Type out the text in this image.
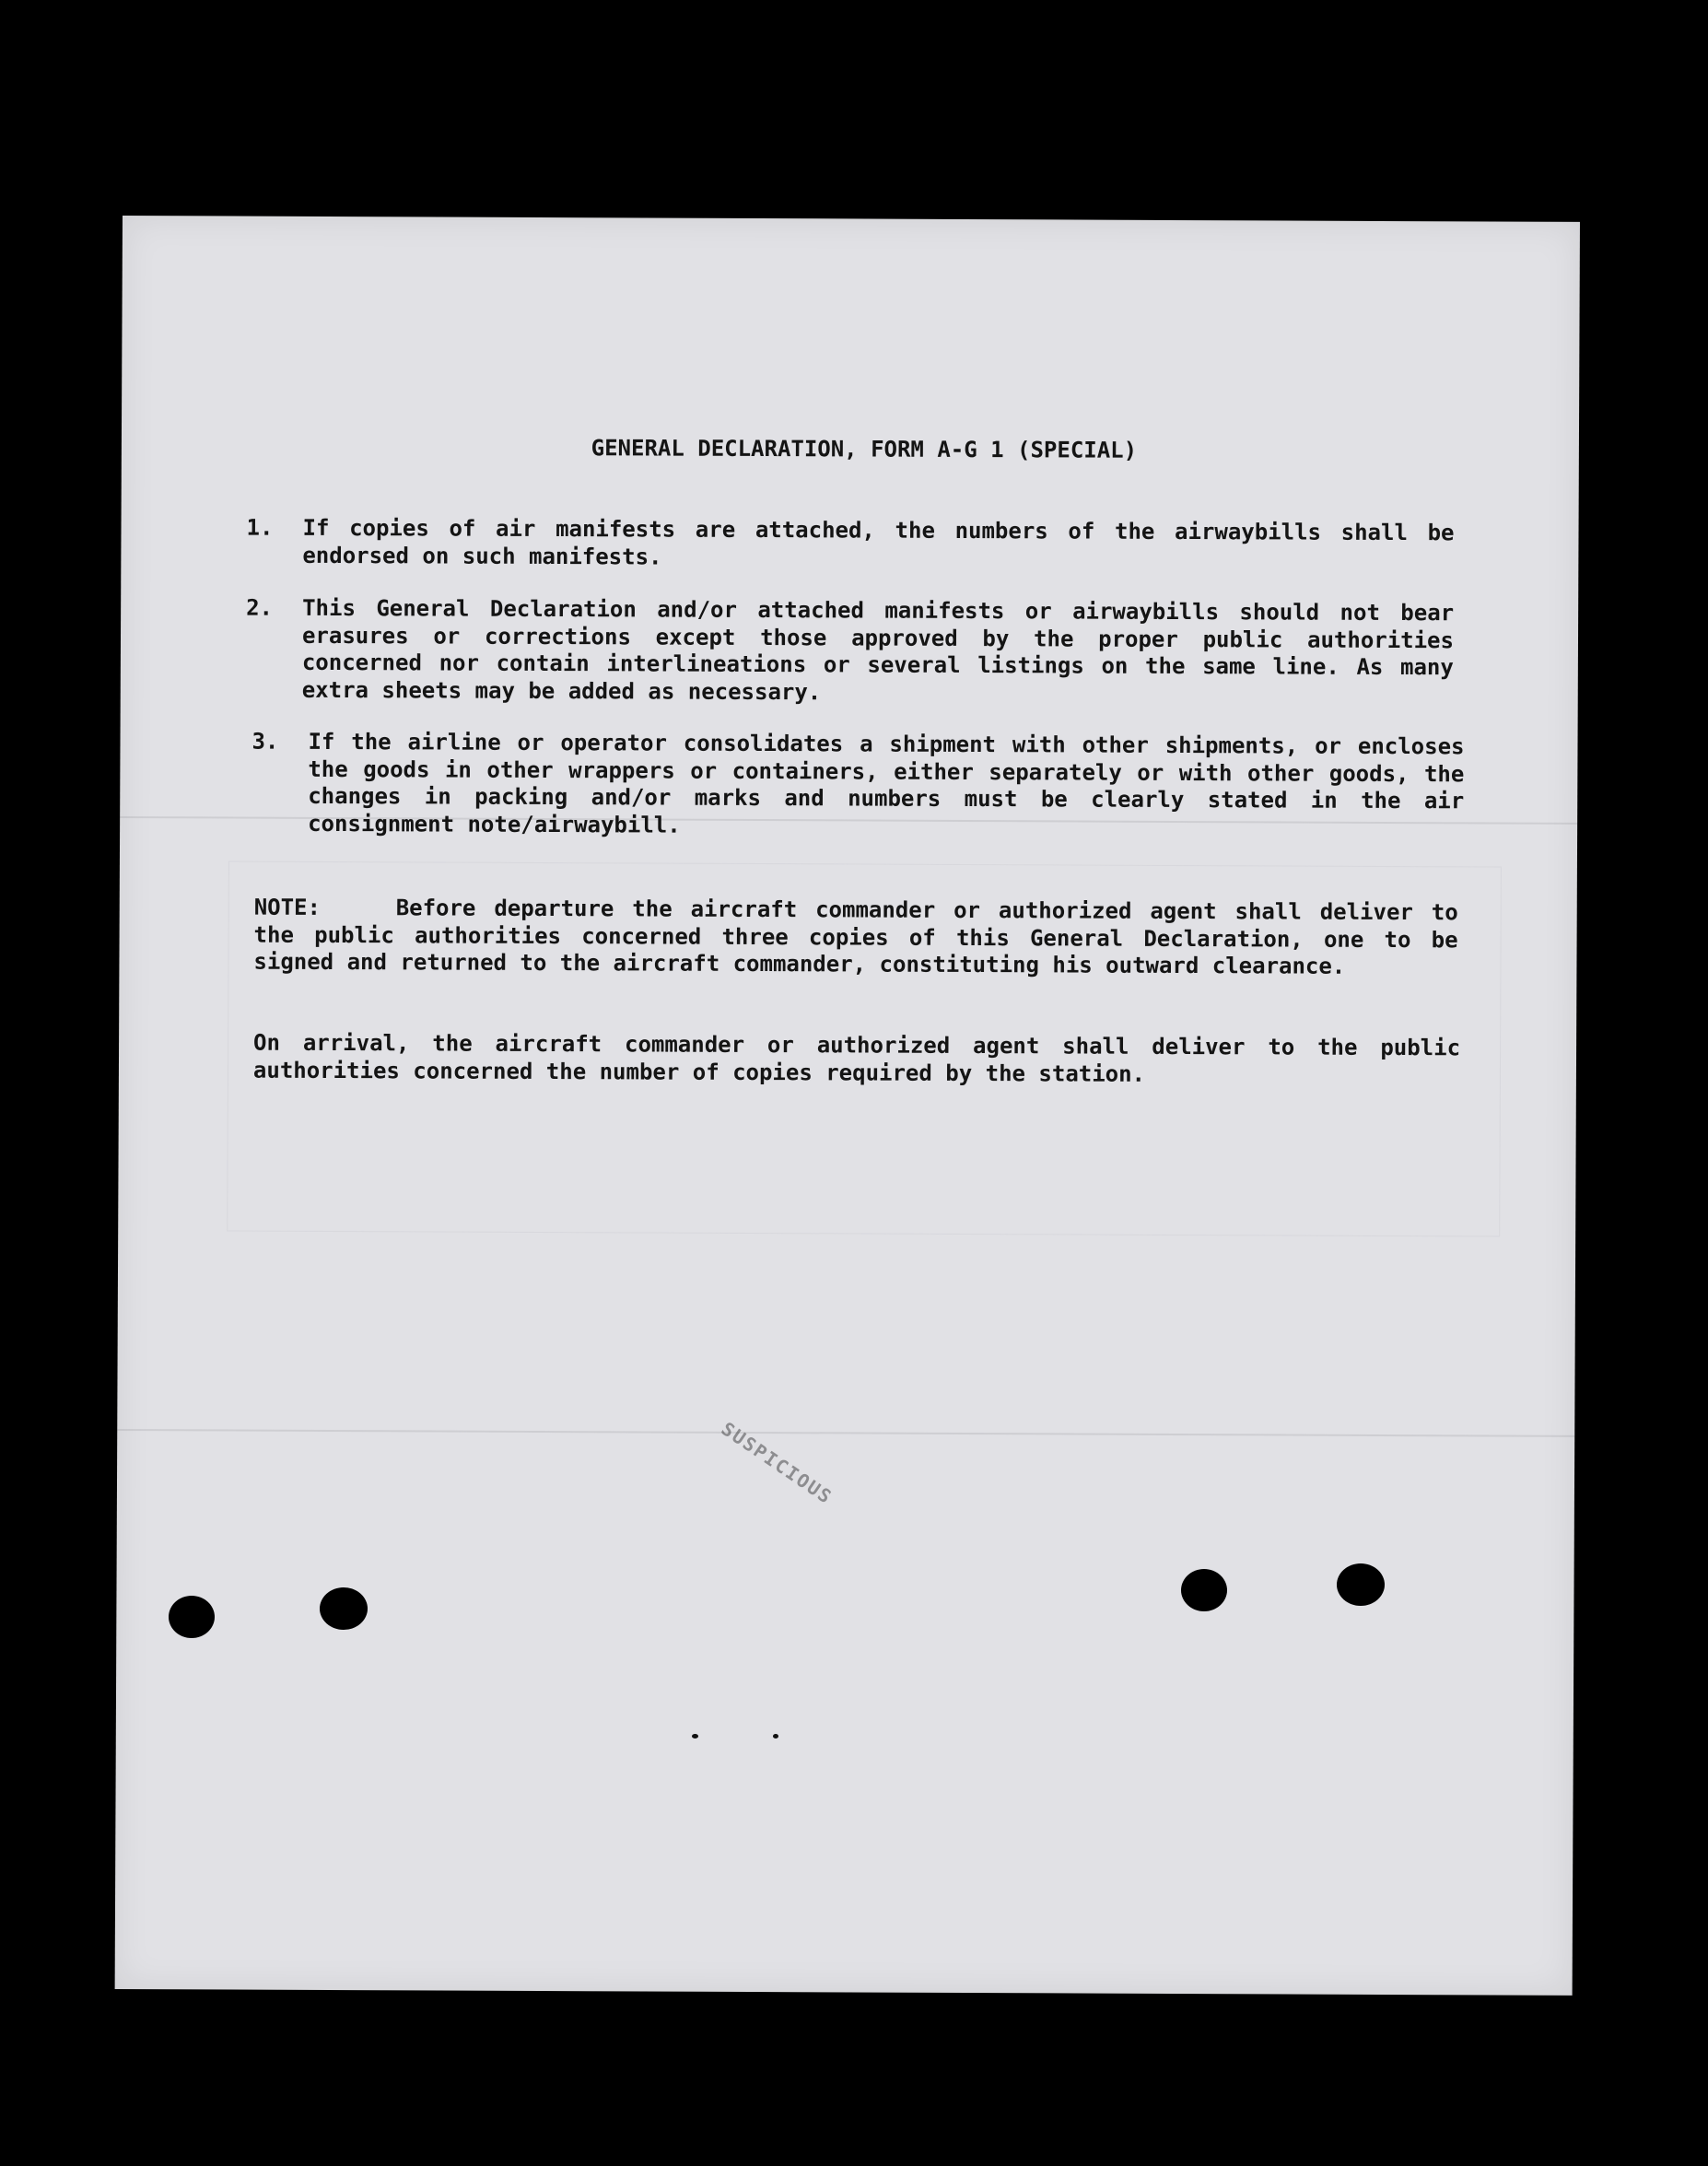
GENERAL DECLARATION, FORM A-G 1 (SPECIAL)
1.	If copies of air manifests are attached, the numbers of the airwaybills shall be endorsed on such manifests.
2.	This General Declaration and/or attached manifests or airwaybills should not bear erasures or corrections except those approved by the proper public authorities concerned nor contain interlineations or several listings on the same line. As many extra sheets may be added as necessary.
3.	If the airline or operator consolidates a shipment with other shipments, or encloses the goods in other wrappers or containers, either separately or with other goods, the changes in packing and/or marks and numbers must be clearly stated in the air consignment note/airwaybill.
NOTE:	Before departure the aircraft commander or authorized agent shall deliver to the public authorities concerned three copies of this General Declaration, one to be signed and returned to the aircraft commander, constituting his outward clearance.
On arrival, the aircraft commander or authorized agent shall deliver to the public authorities concerned the number of copies required by the station.
SUSPICIOUS
